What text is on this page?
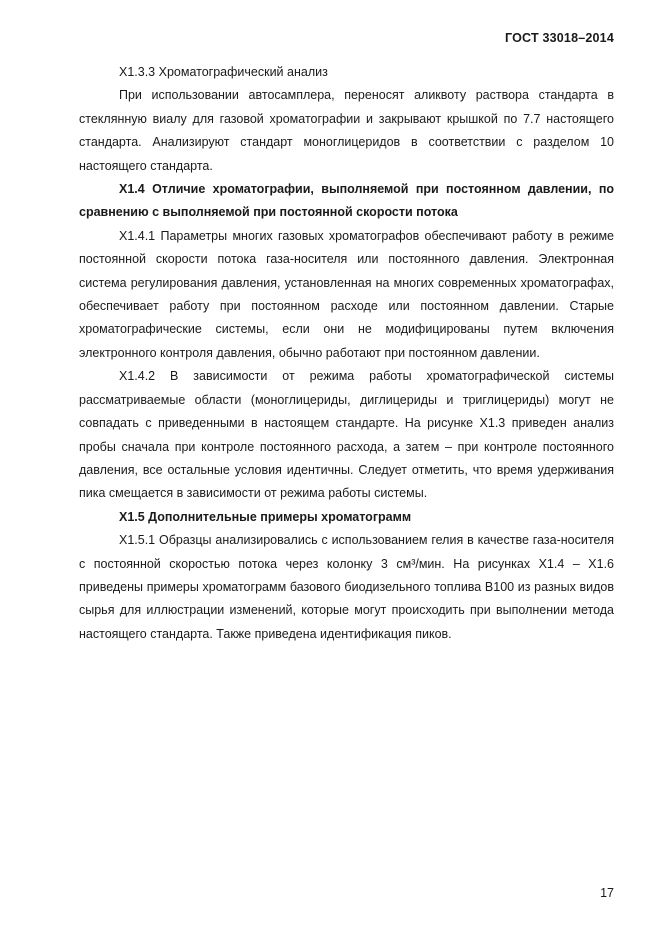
ГОСТ 33018–2014

X1.3.3 Хроматографический анализ

При использовании автосамплера, переносят аликвоту раствора стандарта в стеклянную виалу для газовой хроматографии и закрывают крышкой по 7.7 настоящего стандарта. Анализируют стандарт моноглицеридов в соответствии с разделом 10 настоящего стандарта.

X1.4 Отличие хроматографии, выполняемой при постоянном давлении, по сравнению с выполняемой при постоянной скорости потока

X1.4.1 Параметры многих газовых хроматографов обеспечивают работу в режиме постоянной скорости потока газа-носителя или постоянного давления. Электронная система регулирования давления, установленная на многих современных хроматографах, обеспечивает работу при постоянном расходе или постоянном давлении. Старые хроматографические системы, если они не модифицированы путем включения электронного контроля давления, обычно работают при постоянном давлении.

X1.4.2 В зависимости от режима работы хроматографической системы рассматриваемые области (моноглицериды, диглицериды и триглицериды) могут не совпадать с приведенными в настоящем стандарте. На рисунке X1.3 приведен анализ пробы сначала при контроле постоянного расхода, а затем – при контроле постоянного давления, все остальные условия идентичны. Следует отметить, что время удерживания пика смещается в зависимости от режима работы системы.

X1.5 Дополнительные примеры хроматограмм

X1.5.1 Образцы анализировались с использованием гелия в качестве газа-носителя с постоянной скоростью потока через колонку 3 см³/мин. На рисунках X1.4 – X1.6 приведены примеры хроматограмм базового биодизельного топлива B100 из разных видов сырья для иллюстрации изменений, которые могут происходить при выполнении метода настоящего стандарта. Также приведена идентификация пиков.

17
